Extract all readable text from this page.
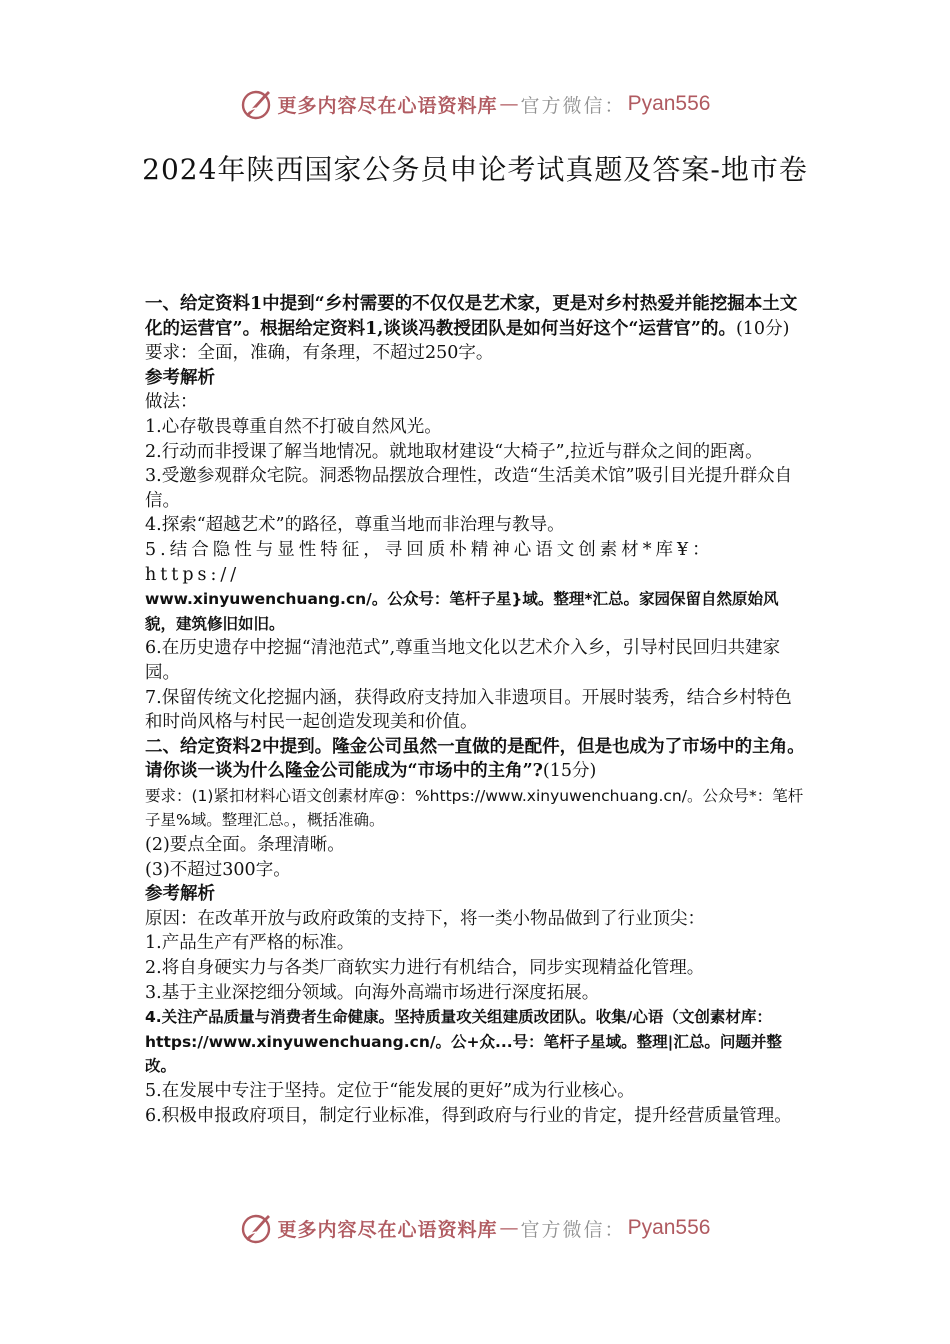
更多内容尽在心语资料库 — 官方微信： Pyan556
2024年陕西国家公务员申论考试真题及答案-地市卷

一、给定资料1中提到“乡村需要的不仅仅是艺术家，更是对乡村热爱并能挖掘本土文化的运营官”。根据给定资料1,谈谈冯教授团队是如何当好这个“运营官”的。(10分)

要求：全面，准确，有条理，不超过250字。

参考解析

做法：

1.心存敬畏尊重自然不打破自然风光。

2.行动而非授课了解当地情况。就地取材建设“大椅子”,拉近与群众之间的距离。

3.受邀参观群众宅院。洞悉物品摆放合理性，改造“生活美术馆”吸引目光提升群众自信。

4.探索“超越艺术”的路径，尊重当地而非治理与教导。

5.结合隐性与显性特征，寻回质朴精神心语文创素材*库¥：https://

www.xinyuwenchuang.cn/。公众号：笔杆子星}域。整理*汇总。家园保留自然原始风貌，建筑修旧如旧。

6.在历史遗存中挖掘“清池范式”,尊重当地文化以艺术介入乡，引导村民回归共建家园。

7.保留传统文化挖掘内涵，获得政府支持加入非遗项目。开展时装秀，结合乡村特色和时尚风格与村民一起创造发现美和价值。

二、给定资料2中提到。隆金公司虽然一直做的是配件，但是也成为了市场中的主角。请你谈一谈为什么隆金公司能成为“市场中的主角”?(15分)

要求：(1)紧扣材料心语文创素材库@：%https://www.xinyuwenchuang.cn/。公众号*：笔杆子星%域。整理汇总。，概括准确。

(2)要点全面。条理清晰。

(3)不超过300字。

参考解析

原因：在改革开放与政府政策的支持下，将一类小物品做到了行业顶尖：

1.产品生产有严格的标准。

2.将自身硬实力与各类厂商软实力进行有机结合，同步实现精益化管理。

3.基于主业深挖细分领域。向海外高端市场进行深度拓展。

4.关注产品质量与消费者生命健康。坚持质量攻关组建质改团队。收集/心语（文创素材库：https://www.xinyuwenchuang.cn/。公+众...号：笔杆子星域。整理|汇总。问题并整改。

5.在发展中专注于坚持。定位于“能发展的更好”成为行业核心。

6.积极申报政府项目，制定行业标准，得到政府与行业的肯定，提升经营质量管理。

更多内容尽在心语资料库 — 官方微信： Pyan556
